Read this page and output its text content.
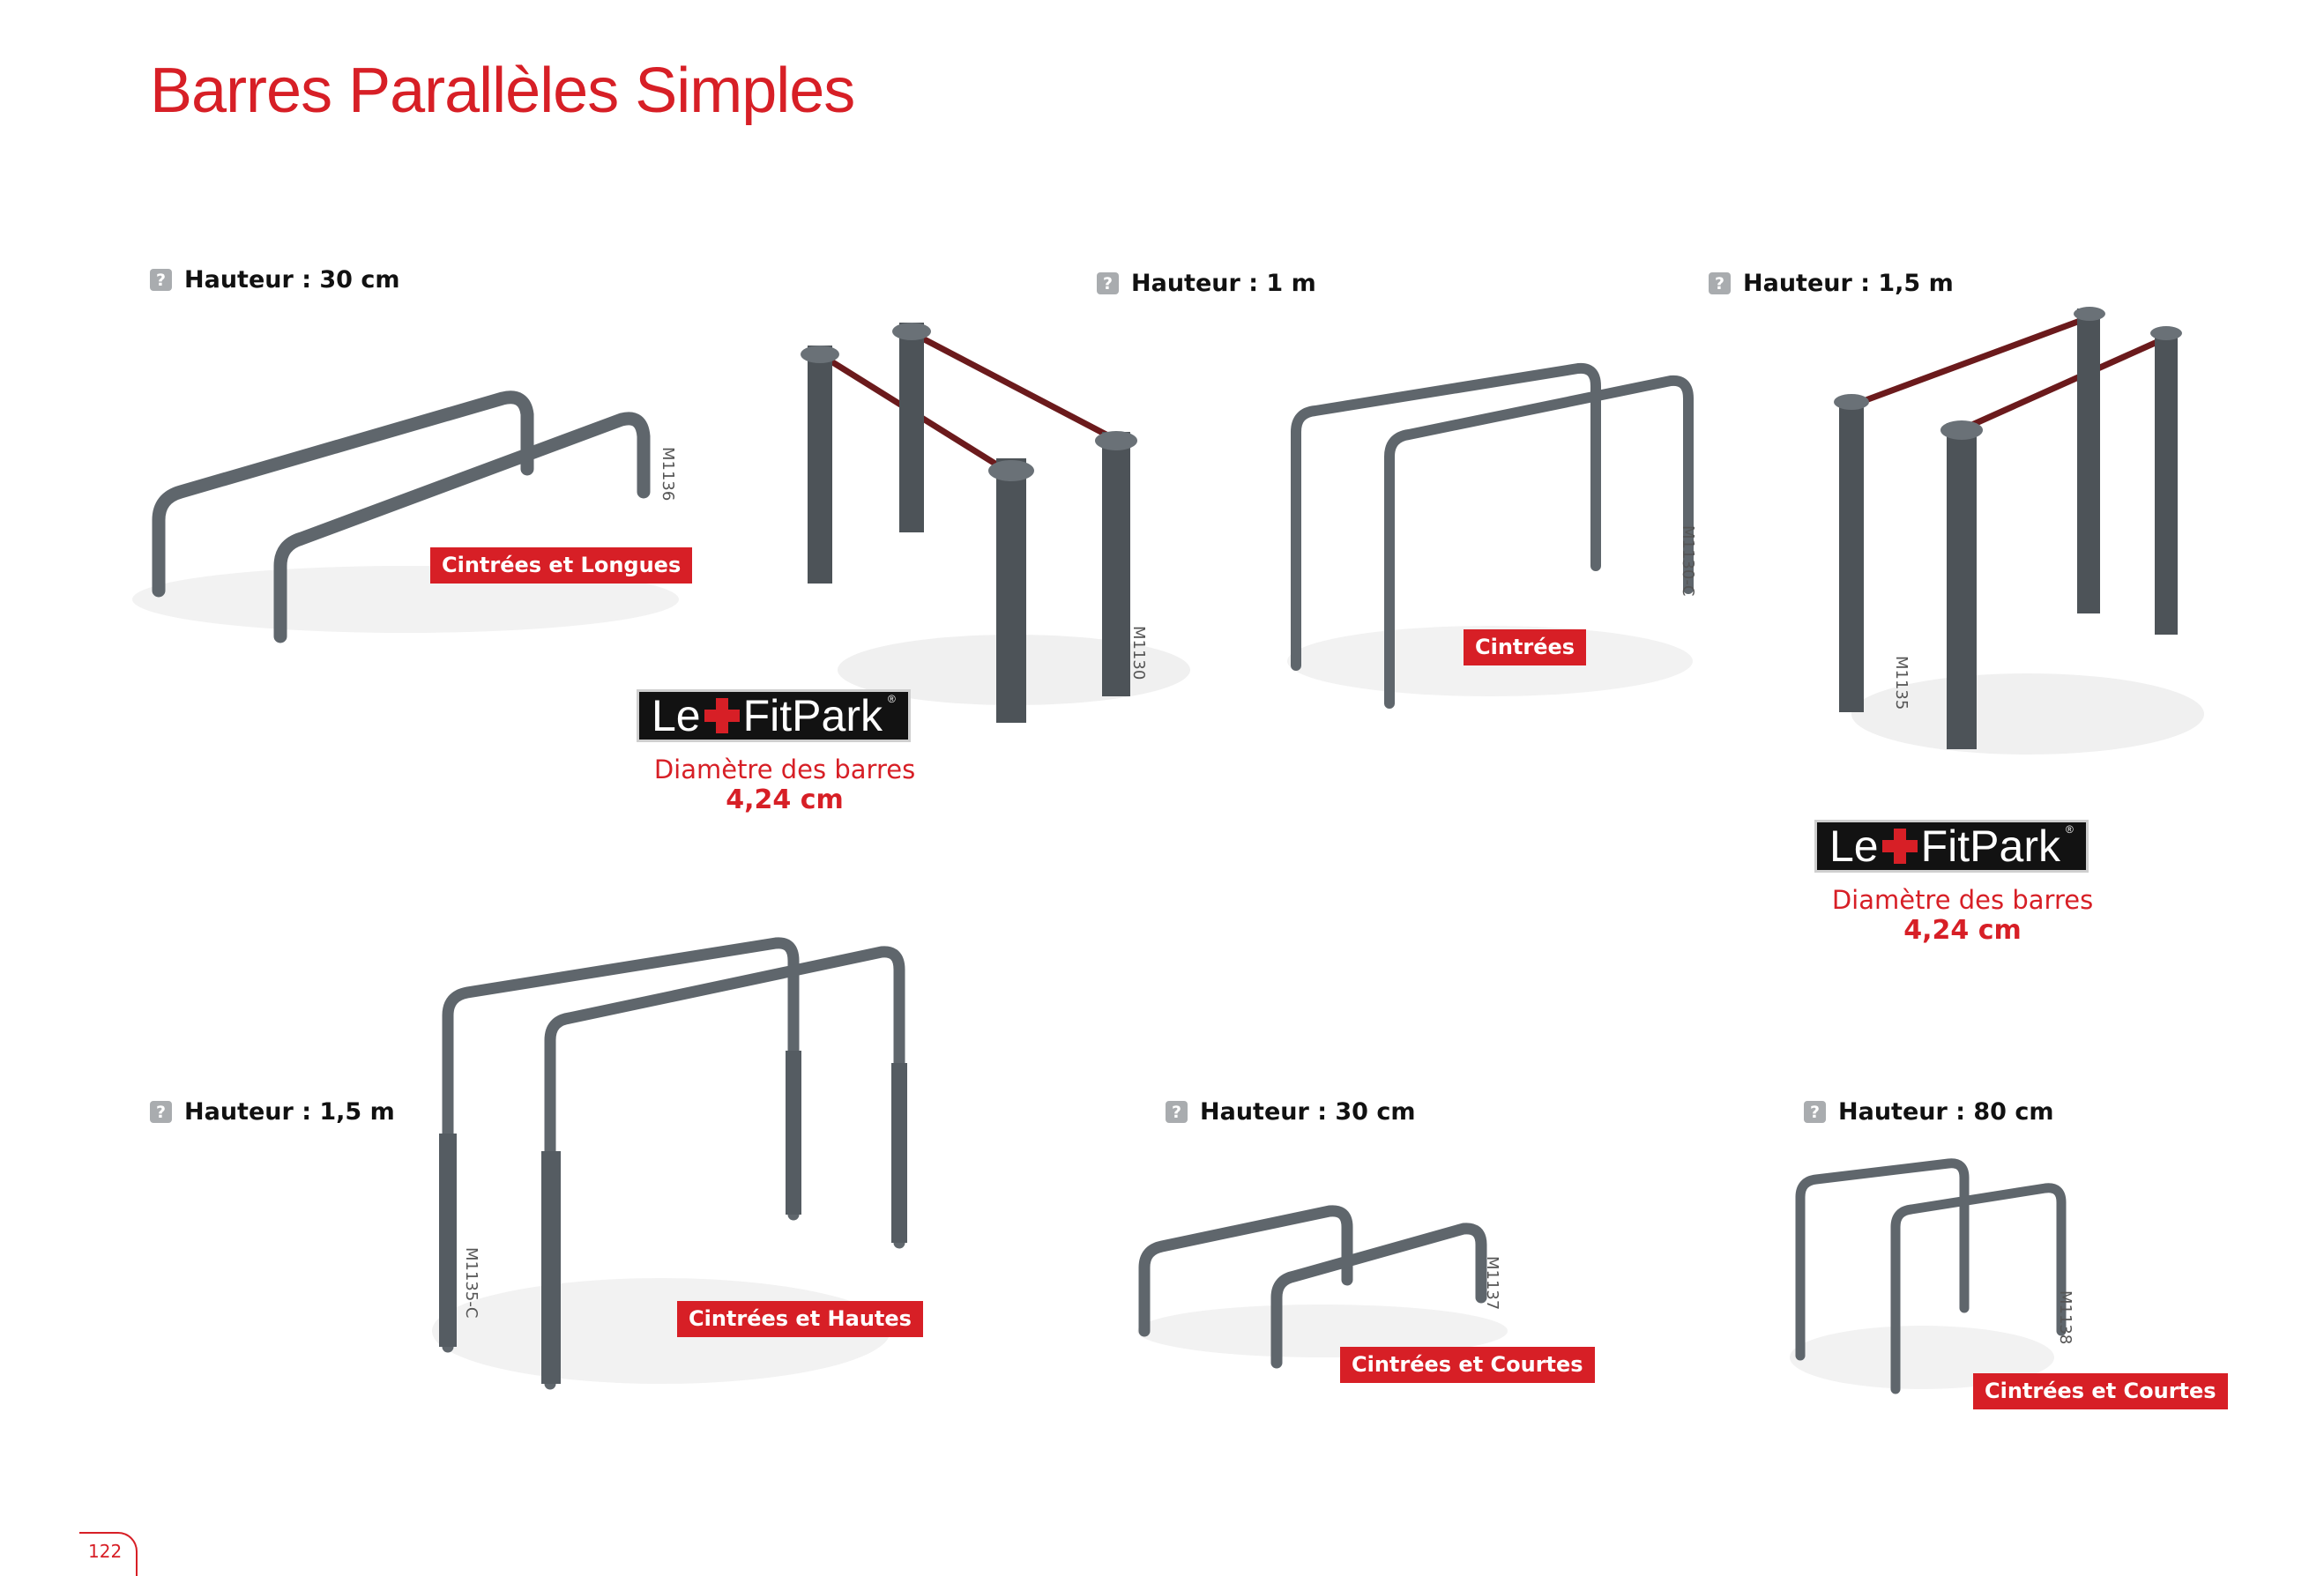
Barres Parallèles Simples
? Hauteur : 30 cm	? Hauteur : 1 m	? Hauteur : 1,5 m
? Hauteur : 1,5 m	? Hauteur : 30 cm	? Hauteur : 80 cm
M1136
M1130
M1130-C
M1135
M1135-C	M1137
M1138
Cintrées et Longues
Cintrées
Cintrées et Hautes
Cintrées et Courtes
Cintrées et Courtes
Le FitPark ®
Diamètre des barres
4,24 cm
Le FitPark ®
Diamètre des barres
4,24 cm
122
